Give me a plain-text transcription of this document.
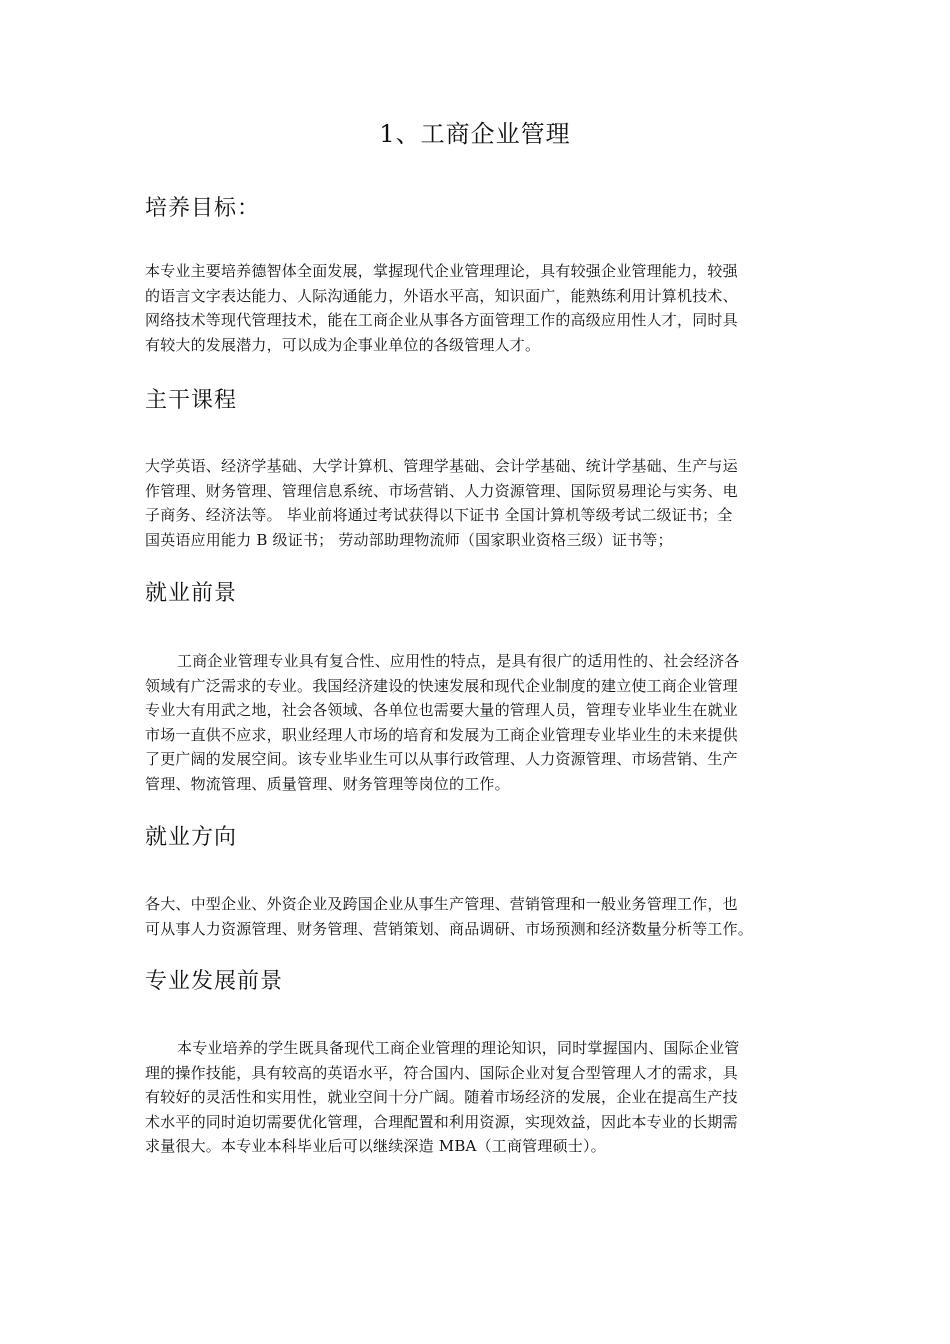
1、工商企业管理
培养目标：

本专业主要培养德智体全面发展，掌握现代企业管理理论，具有较强企业管理能力，较强
的语言文字表达能力、人际沟通能力，外语水平高，知识面广，能熟练利用计算机技术、
网络技术等现代管理技术，能在工商企业从事各方面管理工作的高级应用性人才，同时具
有较大的发展潜力，可以成为企事业单位的各级管理人才。

主干课程

大学英语、经济学基础、大学计算机、管理学基础、会计学基础、统计学基础、生产与运
作管理、财务管理、管理信息系统、市场营销、人力资源管理、国际贸易理论与实务、电
子商务、经济法等。 毕业前将通过考试获得以下证书 全国计算机等级考试二级证书；全
国英语应用能力 B 级证书； 劳动部助理物流师（国家职业资格三级）证书等；

就业前景

工商企业管理专业具有复合性、应用性的特点，是具有很广的适用性的、社会经济各
领域有广泛需求的专业。我国经济建设的快速发展和现代企业制度的建立使工商企业管理
专业大有用武之地，社会各领域、各单位也需要大量的管理人员，管理专业毕业生在就业
市场一直供不应求，职业经理人市场的培育和发展为工商企业管理专业毕业生的未来提供
了更广阔的发展空间。该专业毕业生可以从事行政管理、人力资源管理、市场营销、生产
管理、物流管理、质量管理、财务管理等岗位的工作。

就业方向

各大、中型企业、外资企业及跨国企业从事生产管理、营销管理和一般业务管理工作，也
可从事人力资源管理、财务管理、营销策划、商品调研、市场预测和经济数量分析等工作。

专业发展前景

本专业培养的学生既具备现代工商企业管理的理论知识，同时掌握国内、国际企业管
理的操作技能，具有较高的英语水平，符合国内、国际企业对复合型管理人才的需求，具
有较好的灵活性和实用性，就业空间十分广阔。随着市场经济的发展，企业在提高生产技
术水平的同时迫切需要优化管理，合理配置和利用资源，实现效益，因此本专业的长期需
求量很大。本专业本科毕业后可以继续深造 MBA（工商管理硕士）。
